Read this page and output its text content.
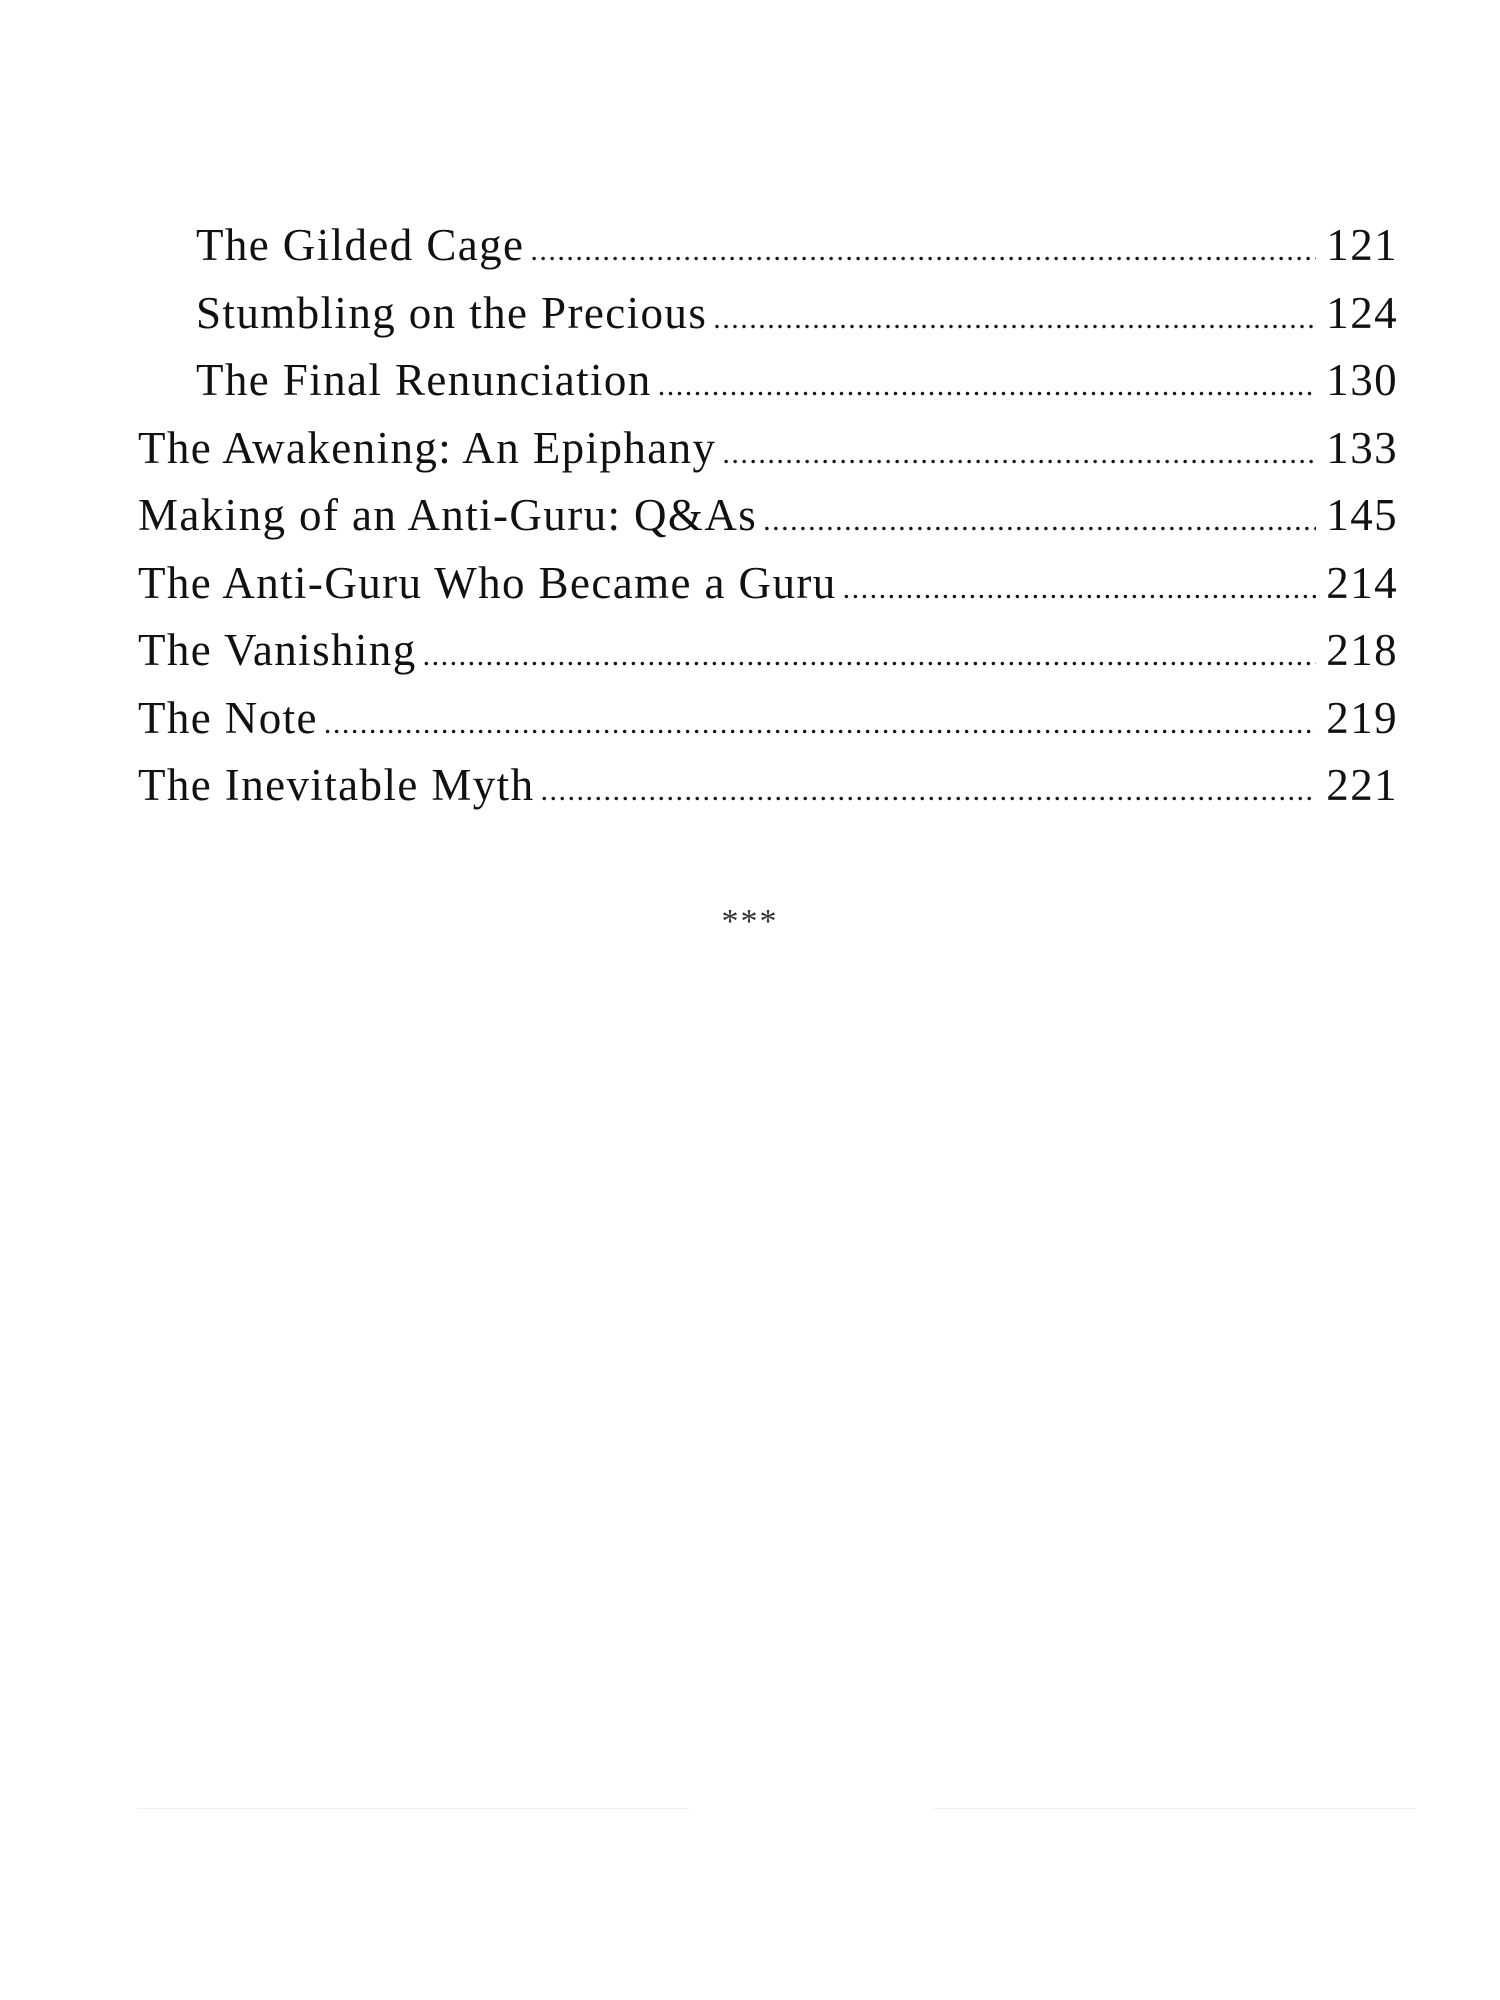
The Gilded Cage .....	121
Stumbling on the Precious .....	124
The Final Renunciation .....	130
The Awakening: An Epiphany .....	133
Making of an Anti-Guru: Q&As .....	145
The Anti-Guru Who Became a Guru .....	214
The Vanishing .....	218
The Note .....	219
The Inevitable Myth .....	221
***
